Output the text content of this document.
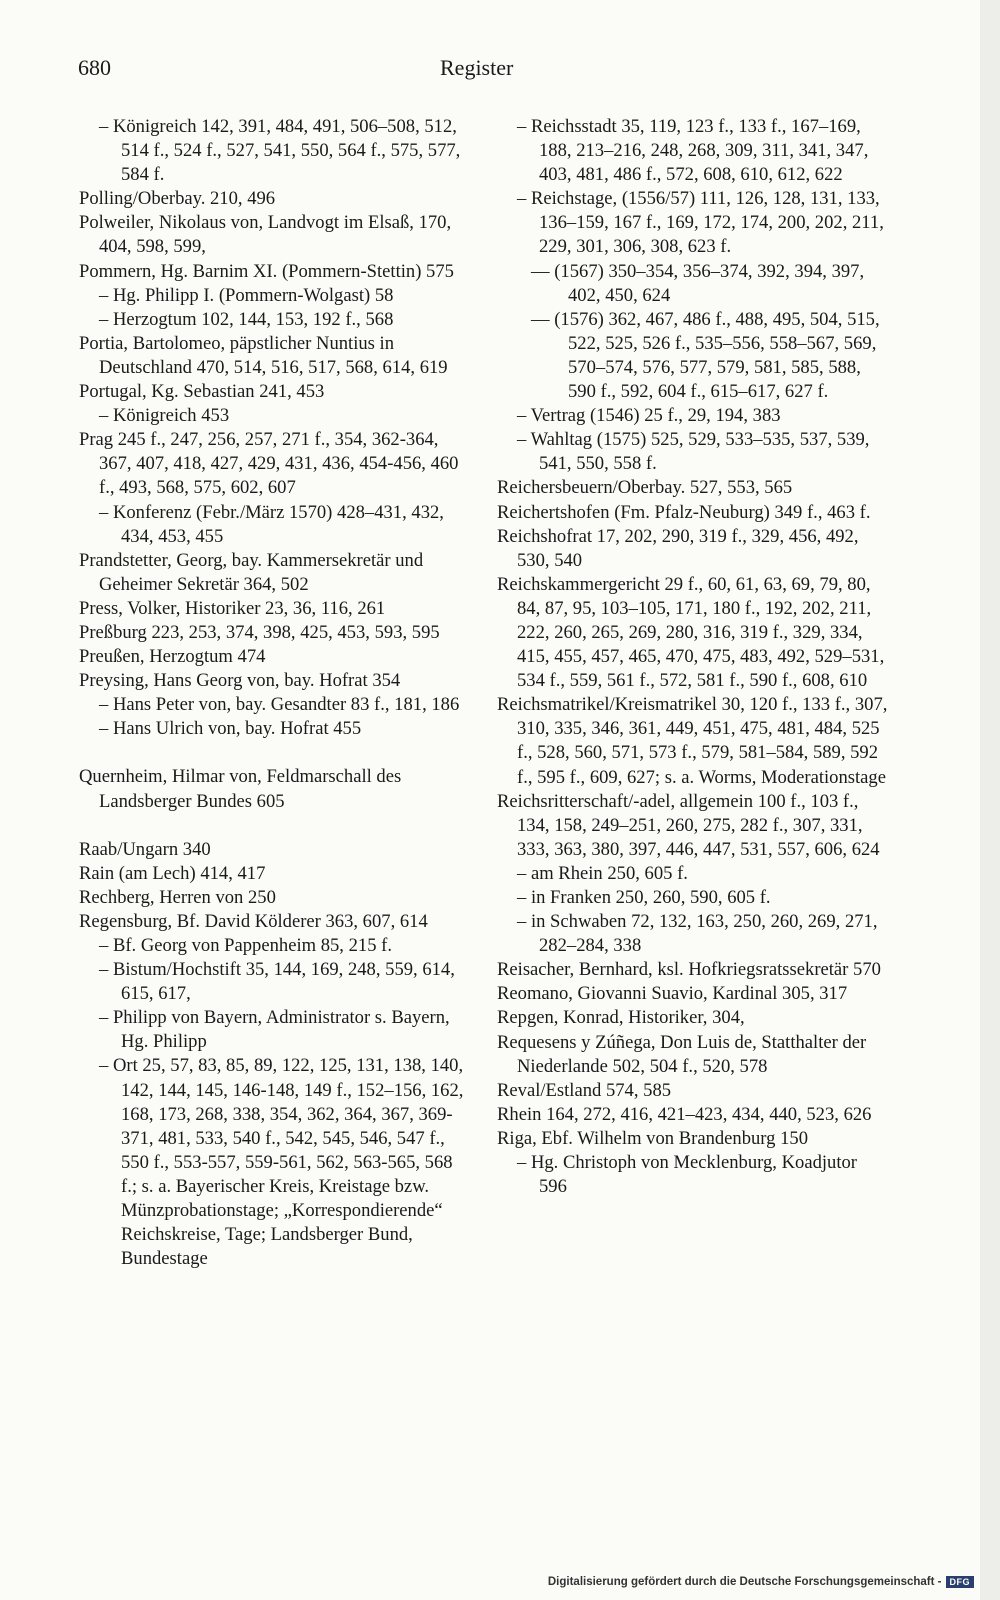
680	Register
– Königreich 142, 391, 484, 491, 506–508, 512, 514 f., 524 f., 527, 541, 550, 564 f., 575, 577, 584 f.
Polling/Oberbay. 210, 496
Polweiler, Nikolaus von, Landvogt im Elsaß, 170, 404, 598, 599,
Pommern, Hg. Barnim XI. (Pommern-Stettin) 575
– Hg. Philipp I. (Pommern-Wolgast) 58
– Herzogtum 102, 144, 153, 192 f., 568
Portia, Bartolomeo, päpstlicher Nuntius in Deutschland 470, 514, 516, 517, 568, 614, 619
Portugal, Kg. Sebastian 241, 453
– Königreich 453
Prag 245 f., 247, 256, 257, 271 f., 354, 362-364, 367, 407, 418, 427, 429, 431, 436, 454-456, 460 f., 493, 568, 575, 602, 607
– Konferenz (Febr./März 1570) 428–431, 432, 434, 453, 455
Prandstetter, Georg, bay. Kammersekretär und Geheimer Sekretär 364, 502
Press, Volker, Historiker 23, 36, 116, 261
Preßburg 223, 253, 374, 398, 425, 453, 593, 595
Preußen, Herzogtum 474
Preysing, Hans Georg von, bay. Hofrat 354
– Hans Peter von, bay. Gesandter 83 f., 181, 186
– Hans Ulrich von, bay. Hofrat 455
Quernheim, Hilmar von, Feldmarschall des Landsberger Bundes 605
Raab/Ungarn 340
Rain (am Lech) 414, 417
Rechberg, Herren von 250
Regensburg, Bf. David Kölderer 363, 607, 614
– Bf. Georg von Pappenheim 85, 215 f.
– Bistum/Hochstift 35, 144, 169, 248, 559, 614, 615, 617,
– Philipp von Bayern, Administrator s. Bayern, Hg. Philipp
– Ort 25, 57, 83, 85, 89, 122, 125, 131, 138, 140, 142, 144, 145, 146-148, 149 f., 152–156, 162, 168, 173, 268, 338, 354, 362, 364, 367, 369-371, 481, 533, 540 f., 542, 545, 546, 547 f., 550 f., 553-557, 559-561, 562, 563-565, 568 f.; s. a. Bayerischer Kreis, Kreistage bzw. Münzprobationstage; „Korrespondierende“ Reichskreise, Tage; Landsberger Bund, Bundestage
– Reichsstadt 35, 119, 123 f., 133 f., 167–169, 188, 213–216, 248, 268, 309, 311, 341, 347, 403, 481, 486 f., 572, 608, 610, 612, 622
– Reichstage, (1556/57) 111, 126, 128, 131, 133, 136–159, 167 f., 169, 172, 174, 200, 202, 211, 229, 301, 306, 308, 623 f.
–– (1567) 350–354, 356–374, 392, 394, 397, 402, 450, 624
–– (1576) 362, 467, 486 f., 488, 495, 504, 515, 522, 525, 526 f., 535–556, 558–567, 569, 570–574, 576, 577, 579, 581, 585, 588, 590 f., 592, 604 f., 615–617, 627 f.
– Vertrag (1546) 25 f., 29, 194, 383
– Wahltag (1575) 525, 529, 533–535, 537, 539, 541, 550, 558 f.
Reichersbeuern/Oberbay. 527, 553, 565
Reichertshofen (Fm. Pfalz-Neuburg) 349 f., 463 f.
Reichshofrat 17, 202, 290, 319 f., 329, 456, 492, 530, 540
Reichskammergericht 29 f., 60, 61, 63, 69, 79, 80, 84, 87, 95, 103–105, 171, 180 f., 192, 202, 211, 222, 260, 265, 269, 280, 316, 319 f., 329, 334, 415, 455, 457, 465, 470, 475, 483, 492, 529–531, 534 f., 559, 561 f., 572, 581 f., 590 f., 608, 610
Reichsmatrikel/Kreismatrikel 30, 120 f., 133 f., 307, 310, 335, 346, 361, 449, 451, 475, 481, 484, 525 f., 528, 560, 571, 573 f., 579, 581–584, 589, 592 f., 595 f., 609, 627; s. a. Worms, Moderationstage
Reichsritterschaft/-adel, allgemein 100 f., 103 f., 134, 158, 249–251, 260, 275, 282 f., 307, 331, 333, 363, 380, 397, 446, 447, 531, 557, 606, 624
– am Rhein 250, 605 f.
– in Franken 250, 260, 590, 605 f.
– in Schwaben 72, 132, 163, 250, 260, 269, 271, 282–284, 338
Reisacher, Bernhard, ksl. Hofkriegsratssekretär 570
Reomano, Giovanni Suavio, Kardinal 305, 317
Repgen, Konrad, Historiker, 304,
Requesens y Zúñega, Don Luis de, Statthalter der Niederlande 502, 504 f., 520, 578
Reval/Estland 574, 585
Rhein 164, 272, 416, 421–423, 434, 440, 523, 626
Riga, Ebf. Wilhelm von Brandenburg 150
– Hg. Christoph von Mecklenburg, Koadjutor 596
Digitalisierung gefördert durch die Deutsche Forschungsgemeinschaft - DFG
